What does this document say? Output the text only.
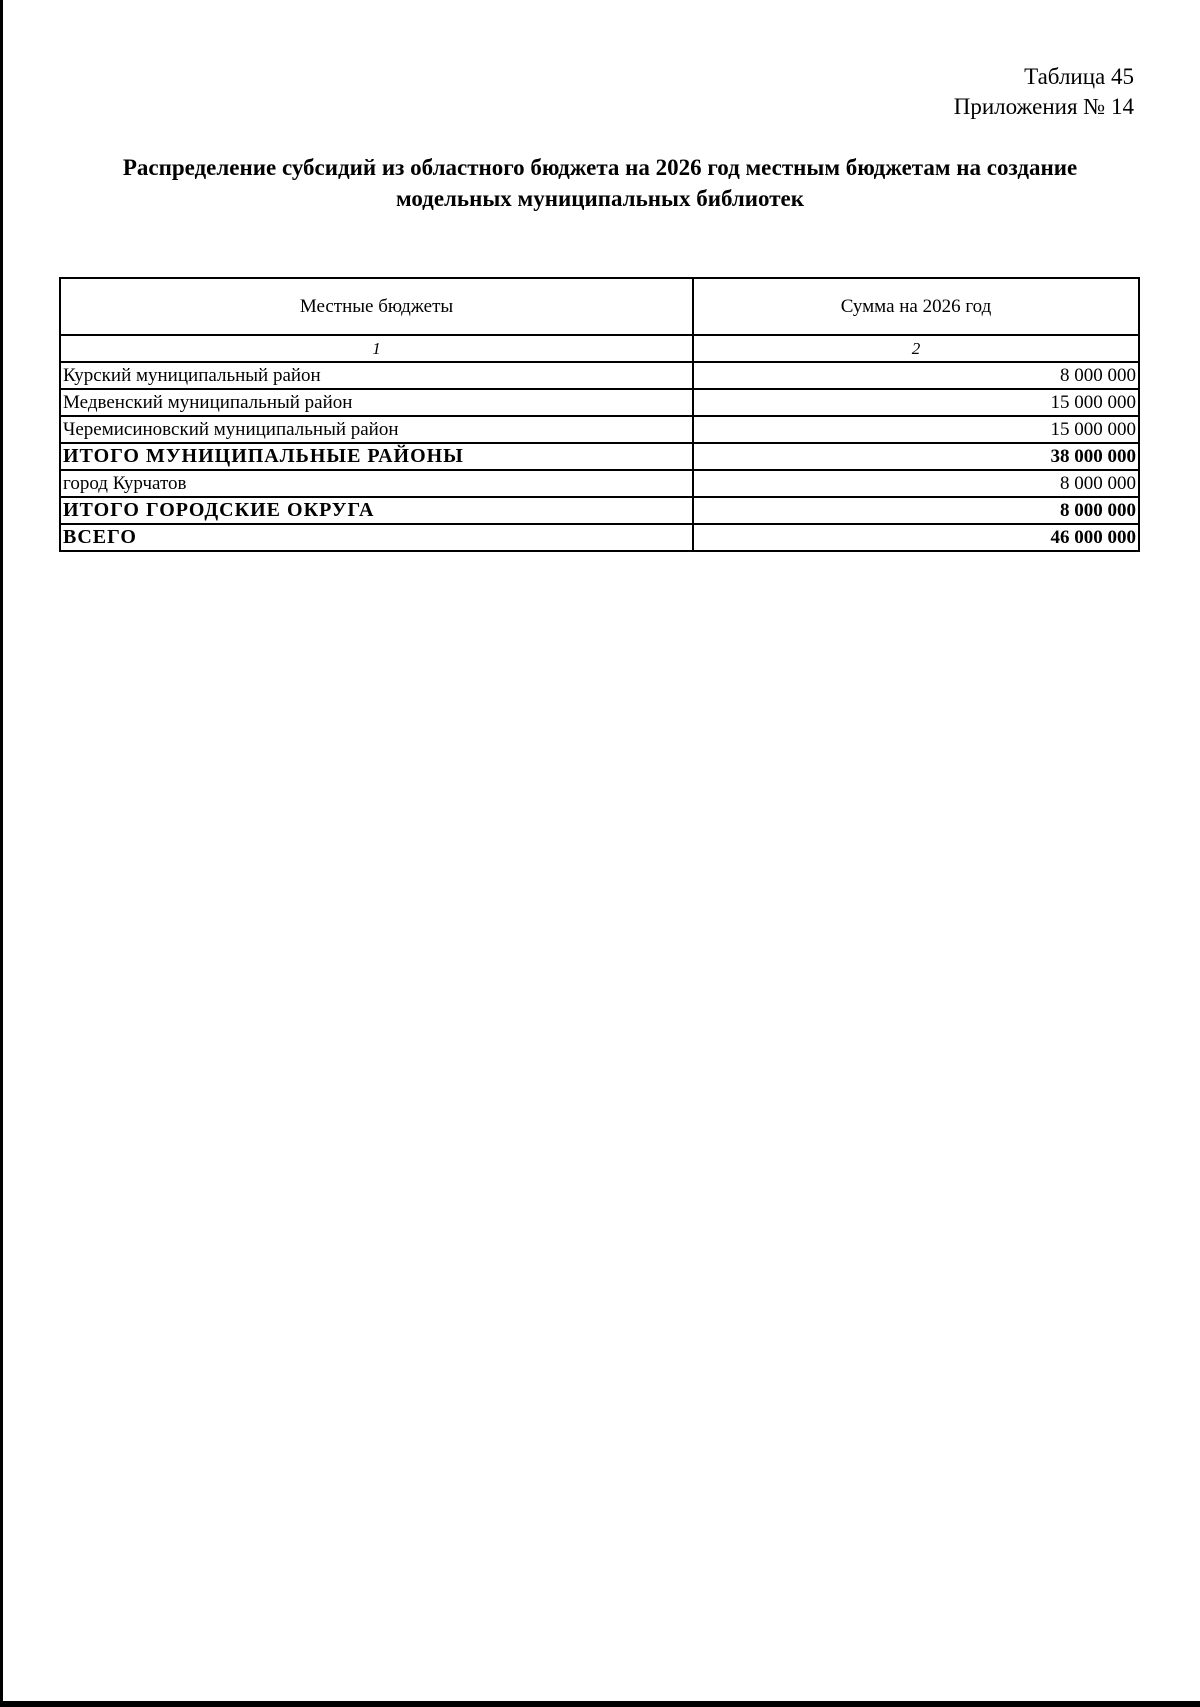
Таблица 45
Приложения № 14
Распределение субсидий из областного бюджета на 2026 год местным бюджетам на создание
модельных муниципальных библиотек
Местные бюджеты	Сумма на 2026 год
1	2
Курский муниципальный район	8 000 000
Медвенский муниципальный район	15 000 000
Черемисиновский муниципальный район	15 000 000
ИТОГО МУНИЦИПАЛЬНЫЕ РАЙОНЫ	38 000 000
город Курчатов	8 000 000
ИТОГО ГОРОДСКИЕ ОКРУГА	8 000 000
ВСЕГО	46 000 000
